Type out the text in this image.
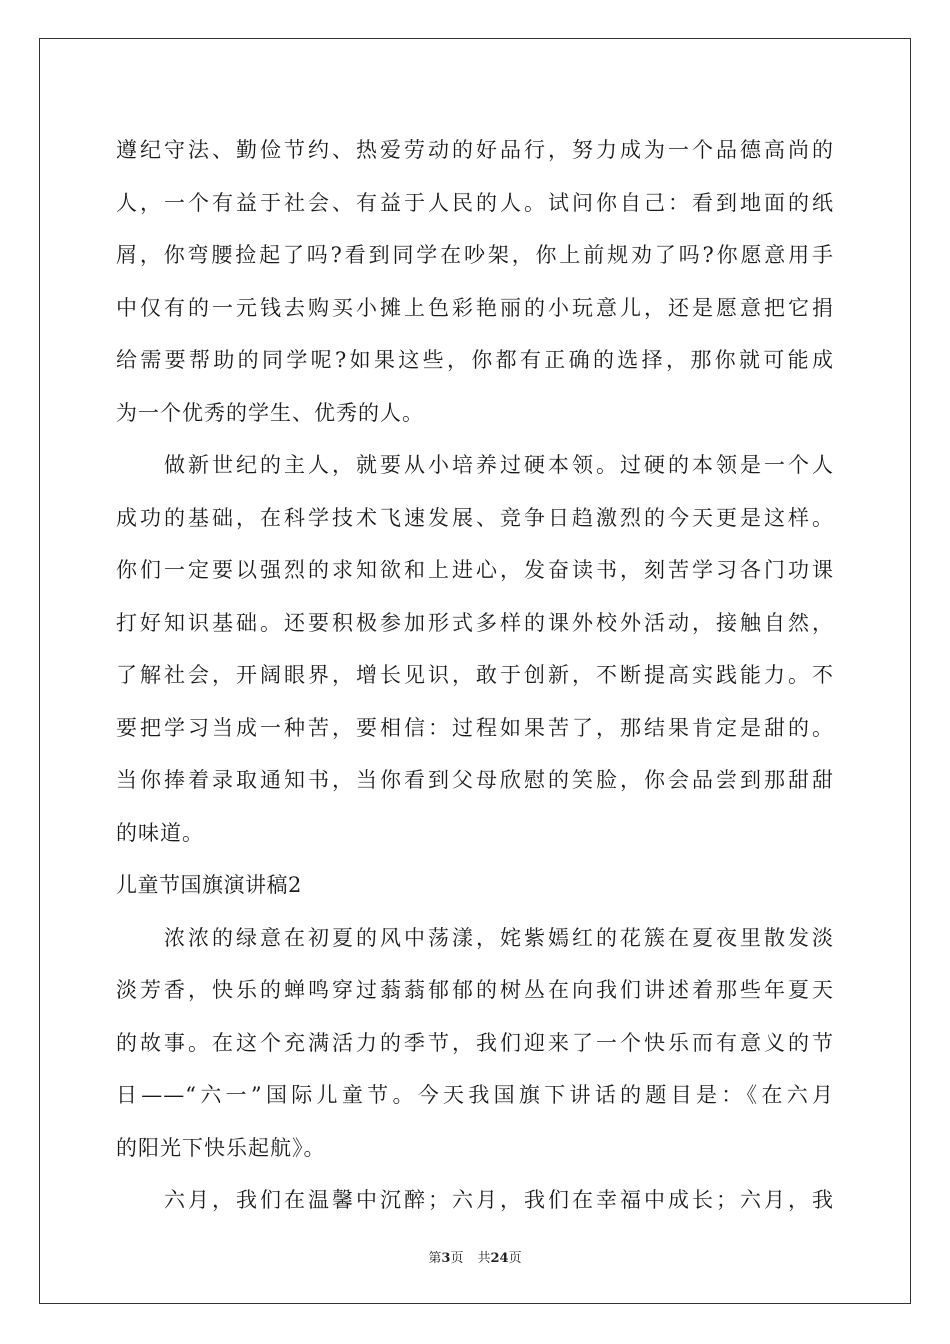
遵纪守法、勤俭节约、热爱劳动的好品行，努力成为一个品德高尚的
人，一个有益于社会、有益于人民的人。试问你自己：看到地面的纸
屑，你弯腰捡起了吗?看到同学在吵架，你上前规劝了吗?你愿意用手
中仅有的一元钱去购买小摊上色彩艳丽的小玩意儿，还是愿意把它捐
给需要帮助的同学呢?如果这些，你都有正确的选择，那你就可能成
为一个优秀的学生、优秀的人。
做新世纪的主人，就要从小培养过硬本领。过硬的本领是一个人
成功的基础，在科学技术飞速发展、竞争日趋激烈的今天更是这样。
你们一定要以强烈的求知欲和上进心，发奋读书，刻苦学习各门功课
打好知识基础。还要积极参加形式多样的课外校外活动，接触自然，
了解社会，开阔眼界，增长见识，敢于创新，不断提高实践能力。不
要把学习当成一种苦，要相信：过程如果苦了，那结果肯定是甜的。
当你捧着录取通知书，当你看到父母欣慰的笑脸，你会品尝到那甜甜
的味道。
儿童节国旗演讲稿2
浓浓的绿意在初夏的风中荡漾，姹紫嫣红的花簇在夏夜里散发淡
淡芳香，快乐的蝉鸣穿过蓊蓊郁郁的树丛在向我们讲述着那些年夏天
的故事。在这个充满活力的季节，我们迎来了一个快乐而有意义的节
日——“六一”国际儿童节。今天我国旗下讲话的题目是：《在六月
的阳光下快乐起航》。
六月，我们在温馨中沉醉；六月，我们在幸福中成长；六月，我
第3页 共24页
